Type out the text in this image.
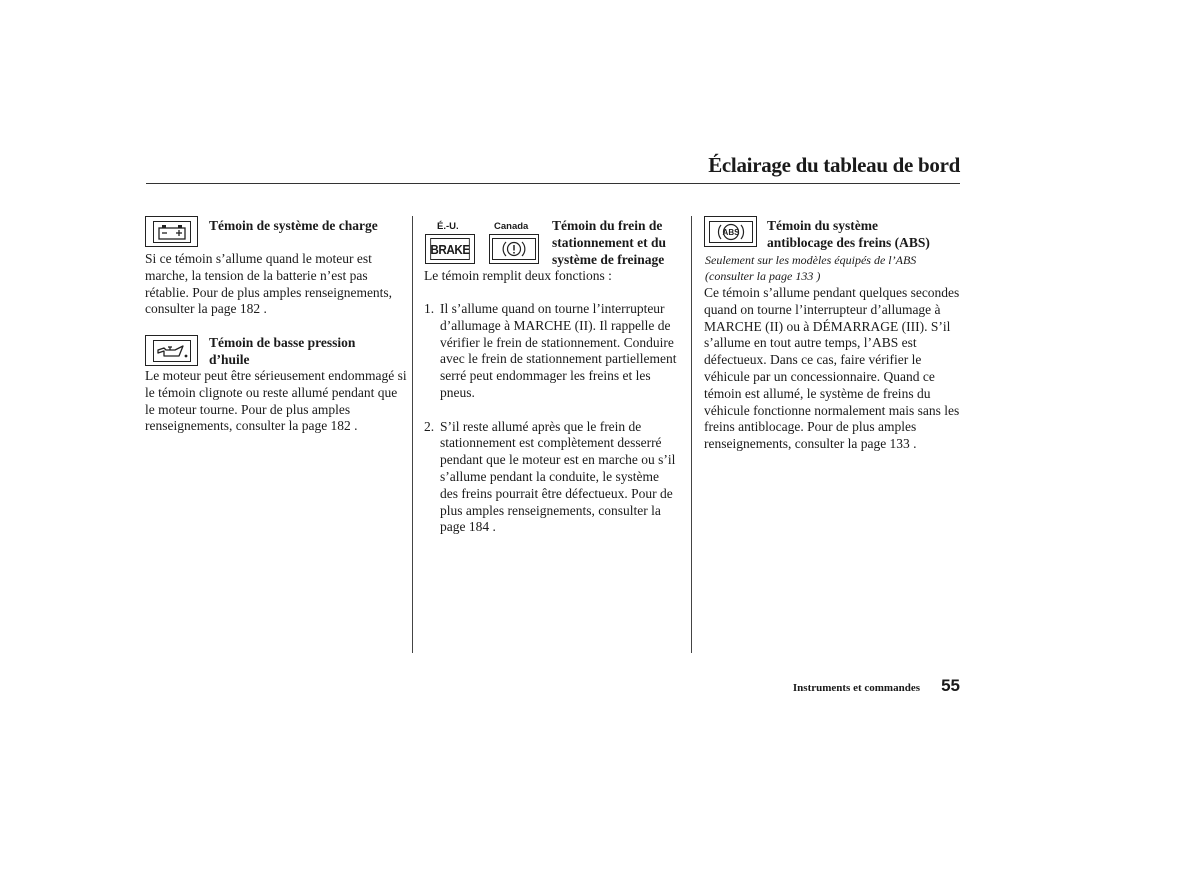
Éclairage du tableau de bord
Témoin de système de charge
Si ce témoin s’allume quand le moteur est marche, la tension de la batterie n’est pas rétablie. Pour de plus amples renseignements, consulter la page 182 .
Témoin de basse pression
d’huile
Le moteur peut être sérieusement endommagé si le témoin clignote ou reste allumé pendant que le moteur tourne. Pour de plus amples renseignements, consulter la page 182 .
É.-U.	Canada
BRAKE
Témoin du frein de
stationnement et du
système de freinage
Le témoin remplit deux fonctions :
1. Il s’allume quand on tourne l’interrupteur d’allumage à MARCHE (II). Il rappelle de vérifier le frein de stationnement. Conduire avec le frein de stationnement partiellement serré peut endommager les freins et les pneus.
2. S’il reste allumé après que le frein de stationnement est complètement desserré pendant que le moteur est en marche ou s’il s’allume pendant la conduite, le système des freins pourrait être défectueux. Pour de plus amples renseignements, consulter la page 184 .
ABS Témoin du système
antiblocage des freins (ABS)
Seulement sur les modèles équipés de l’ABS
(consulter la page 133 )
Ce témoin s’allume pendant quelques secondes quand on tourne l’interrupteur d’allumage à MARCHE (II) ou à DÉMARRAGE (III). S’il s’allume en tout autre temps, l’ABS est défectueux. Dans ce cas, faire vérifier le véhicule par un concessionnaire. Quand ce témoin est allumé, le système de freins du véhicule fonctionne normalement mais sans les freins antiblocage. Pour de plus amples renseignements, consulter la page 133 .
Instruments et commandes	55
